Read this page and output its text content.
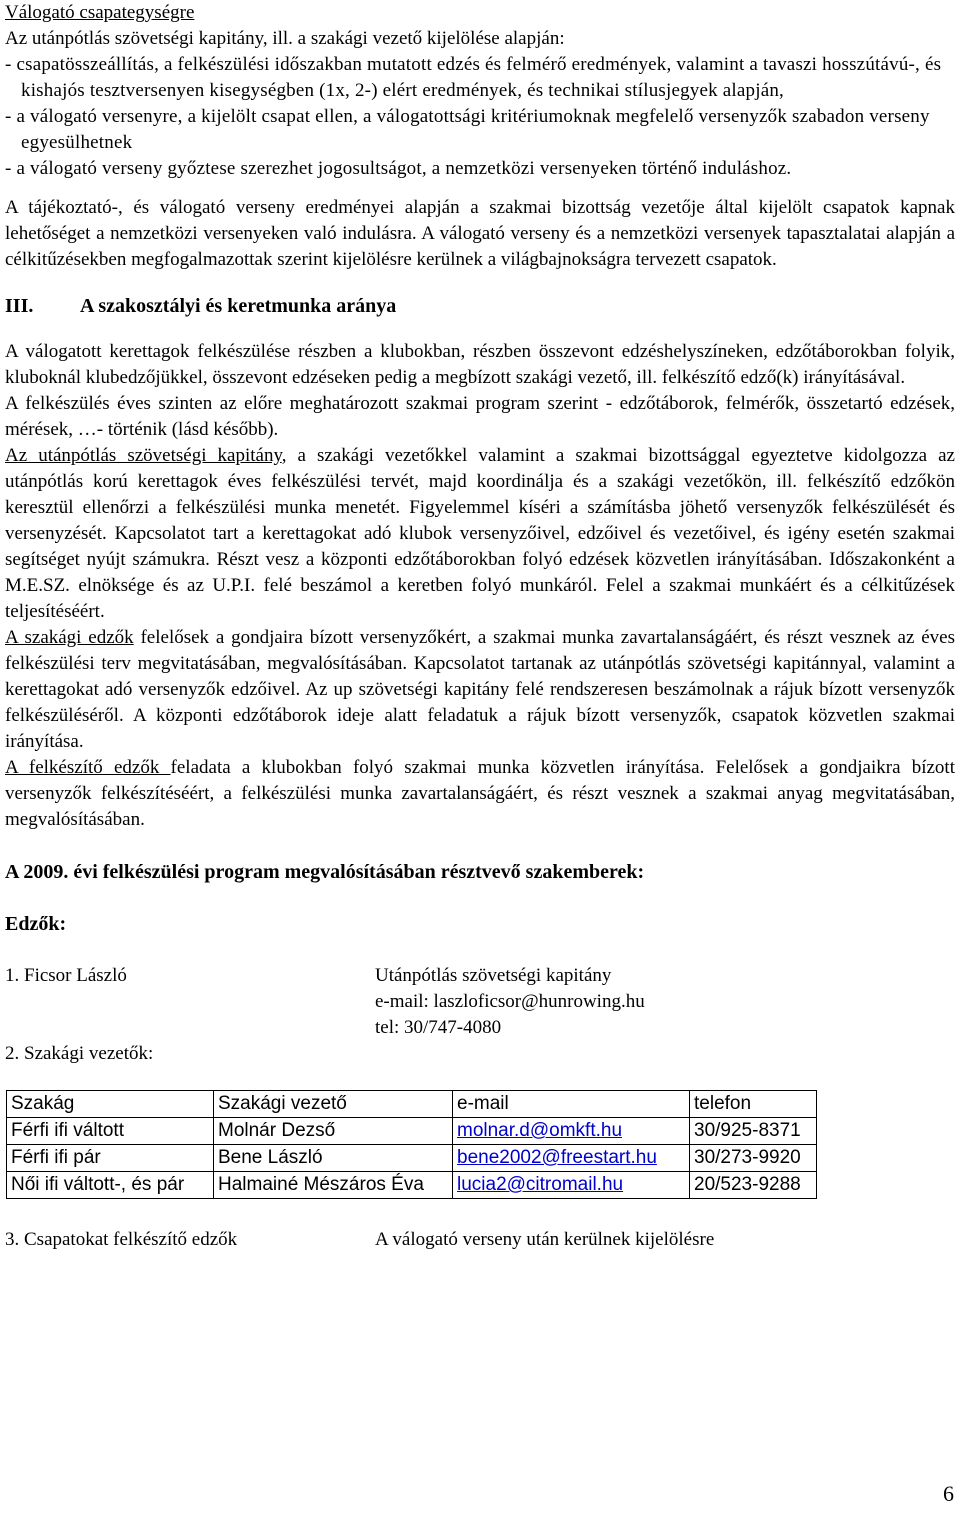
Válogató csapategységre
Az utánpótlás szövetségi kapitány, ill. a szakági vezető kijelölése alapján:
- csapatösszeállítás, a felkészülési időszakban mutatott edzés és felmérő eredmények, valamint a tavaszi hosszútávú-, és kishajós tesztversenyen kisegységben (1x, 2-) elért eredmények, és technikai stílusjegyek alapján,
- a válogató versenyre, a kijelölt csapat ellen, a válogatottsági kritériumoknak megfelelő versenyzők szabadon verseny egyesülhetnek
- a válogató verseny győztese szerezhet jogosultságot, a nemzetközi versenyeken történő induláshoz.

A tájékoztató-, és válogató verseny eredményei alapján a szakmai bizottság vezetője által kijelölt csapatok kapnak lehetőséget a nemzetközi versenyeken való indulásra. A válogató verseny és a nemzetközi versenyek tapasztalatai alapján a célkitűzésekben megfogalmazottak szerint kijelölésre kerülnek a világbajnokságra tervezett csapatok.

III.	A szakosztályi és keretmunka aránya

A válogatott kerettagok felkészülése részben a klubokban, részben összevont edzéshelyszíneken, edzőtáborokban folyik, kluboknál klubedzőjükkel, összevont edzéseken pedig a megbízott szakági vezető, ill. felkészítő edző(k) irányításával.

A felkészülés éves szinten az előre meghatározott szakmai program szerint - edzőtáborok, felmérők, összetartó edzések, mérések, …- történik (lásd később).

Az utánpótlás szövetségi kapitány, a szakági vezetőkkel valamint a szakmai bizottsággal egyeztetve kidolgozza az utánpótlás korú kerettagok éves felkészülési tervét, majd koordinálja és a szakági vezetőkön, ill. felkészítő edzőkön keresztül ellenőrzi a felkészülési munka menetét. Figyelemmel kíséri a számításba jöhető versenyzők felkészülését és versenyzését. Kapcsolatot tart a kerettagokat adó klubok versenyzőivel, edzőivel és vezetőivel, és igény esetén szakmai segítséget nyújt számukra. Részt vesz a központi edzőtáborokban folyó edzések közvetlen irányításában. Időszakonként a M.E.SZ. elnöksége és az U.P.I. felé beszámol a keretben folyó munkáról. Felel a szakmai munkáért és a célkitűzések teljesítéséért.

A szakági edzők felelősek a gondjaira bízott versenyzőkért, a szakmai munka zavartalanságáért, és részt vesznek az éves felkészülési terv megvitatásában, megvalósításában. Kapcsolatot tartanak az utánpótlás szövetségi kapitánnyal, valamint a kerettagokat adó versenyzők edzőivel. Az up szövetségi kapitány felé rendszeresen beszámolnak a rájuk bízott versenyzők felkészüléséről. A központi edzőtáborok ideje alatt feladatuk a rájuk bízott versenyzők, csapatok közvetlen szakmai irányítása.

A felkészítő edzők feladata a klubokban folyó szakmai munka közvetlen irányítása. Felelősek a gondjaikra bízott versenyzők felkészítéséért, a felkészülési munka zavartalanságáért, és részt vesznek a szakmai anyag megvitatásában, megvalósításában.

A 2009. évi felkészülési program megvalósításában résztvevő szakemberek:
Edzők:
1. Ficsor László	Utánpótlás szövetségi kapitány
e-mail: laszloficsor@hunrowing.hu
tel: 30/747-4080
2. Szakági vezetők:
Szakág	Szakági vezető	e-mail	telefon
Férfi ifi váltott	Molnár Dezső	molnar.d@omkft.hu	30/925-8371
Férfi ifi pár	Bene László	bene2002@freestart.hu	30/273-9920
Női ifi váltott-, és pár	Halmainé Mészáros Éva	lucia2@citromail.hu	20/523-9288
3. Csapatokat felkészítő edzők	A válogató verseny után kerülnek kijelölésre
6
